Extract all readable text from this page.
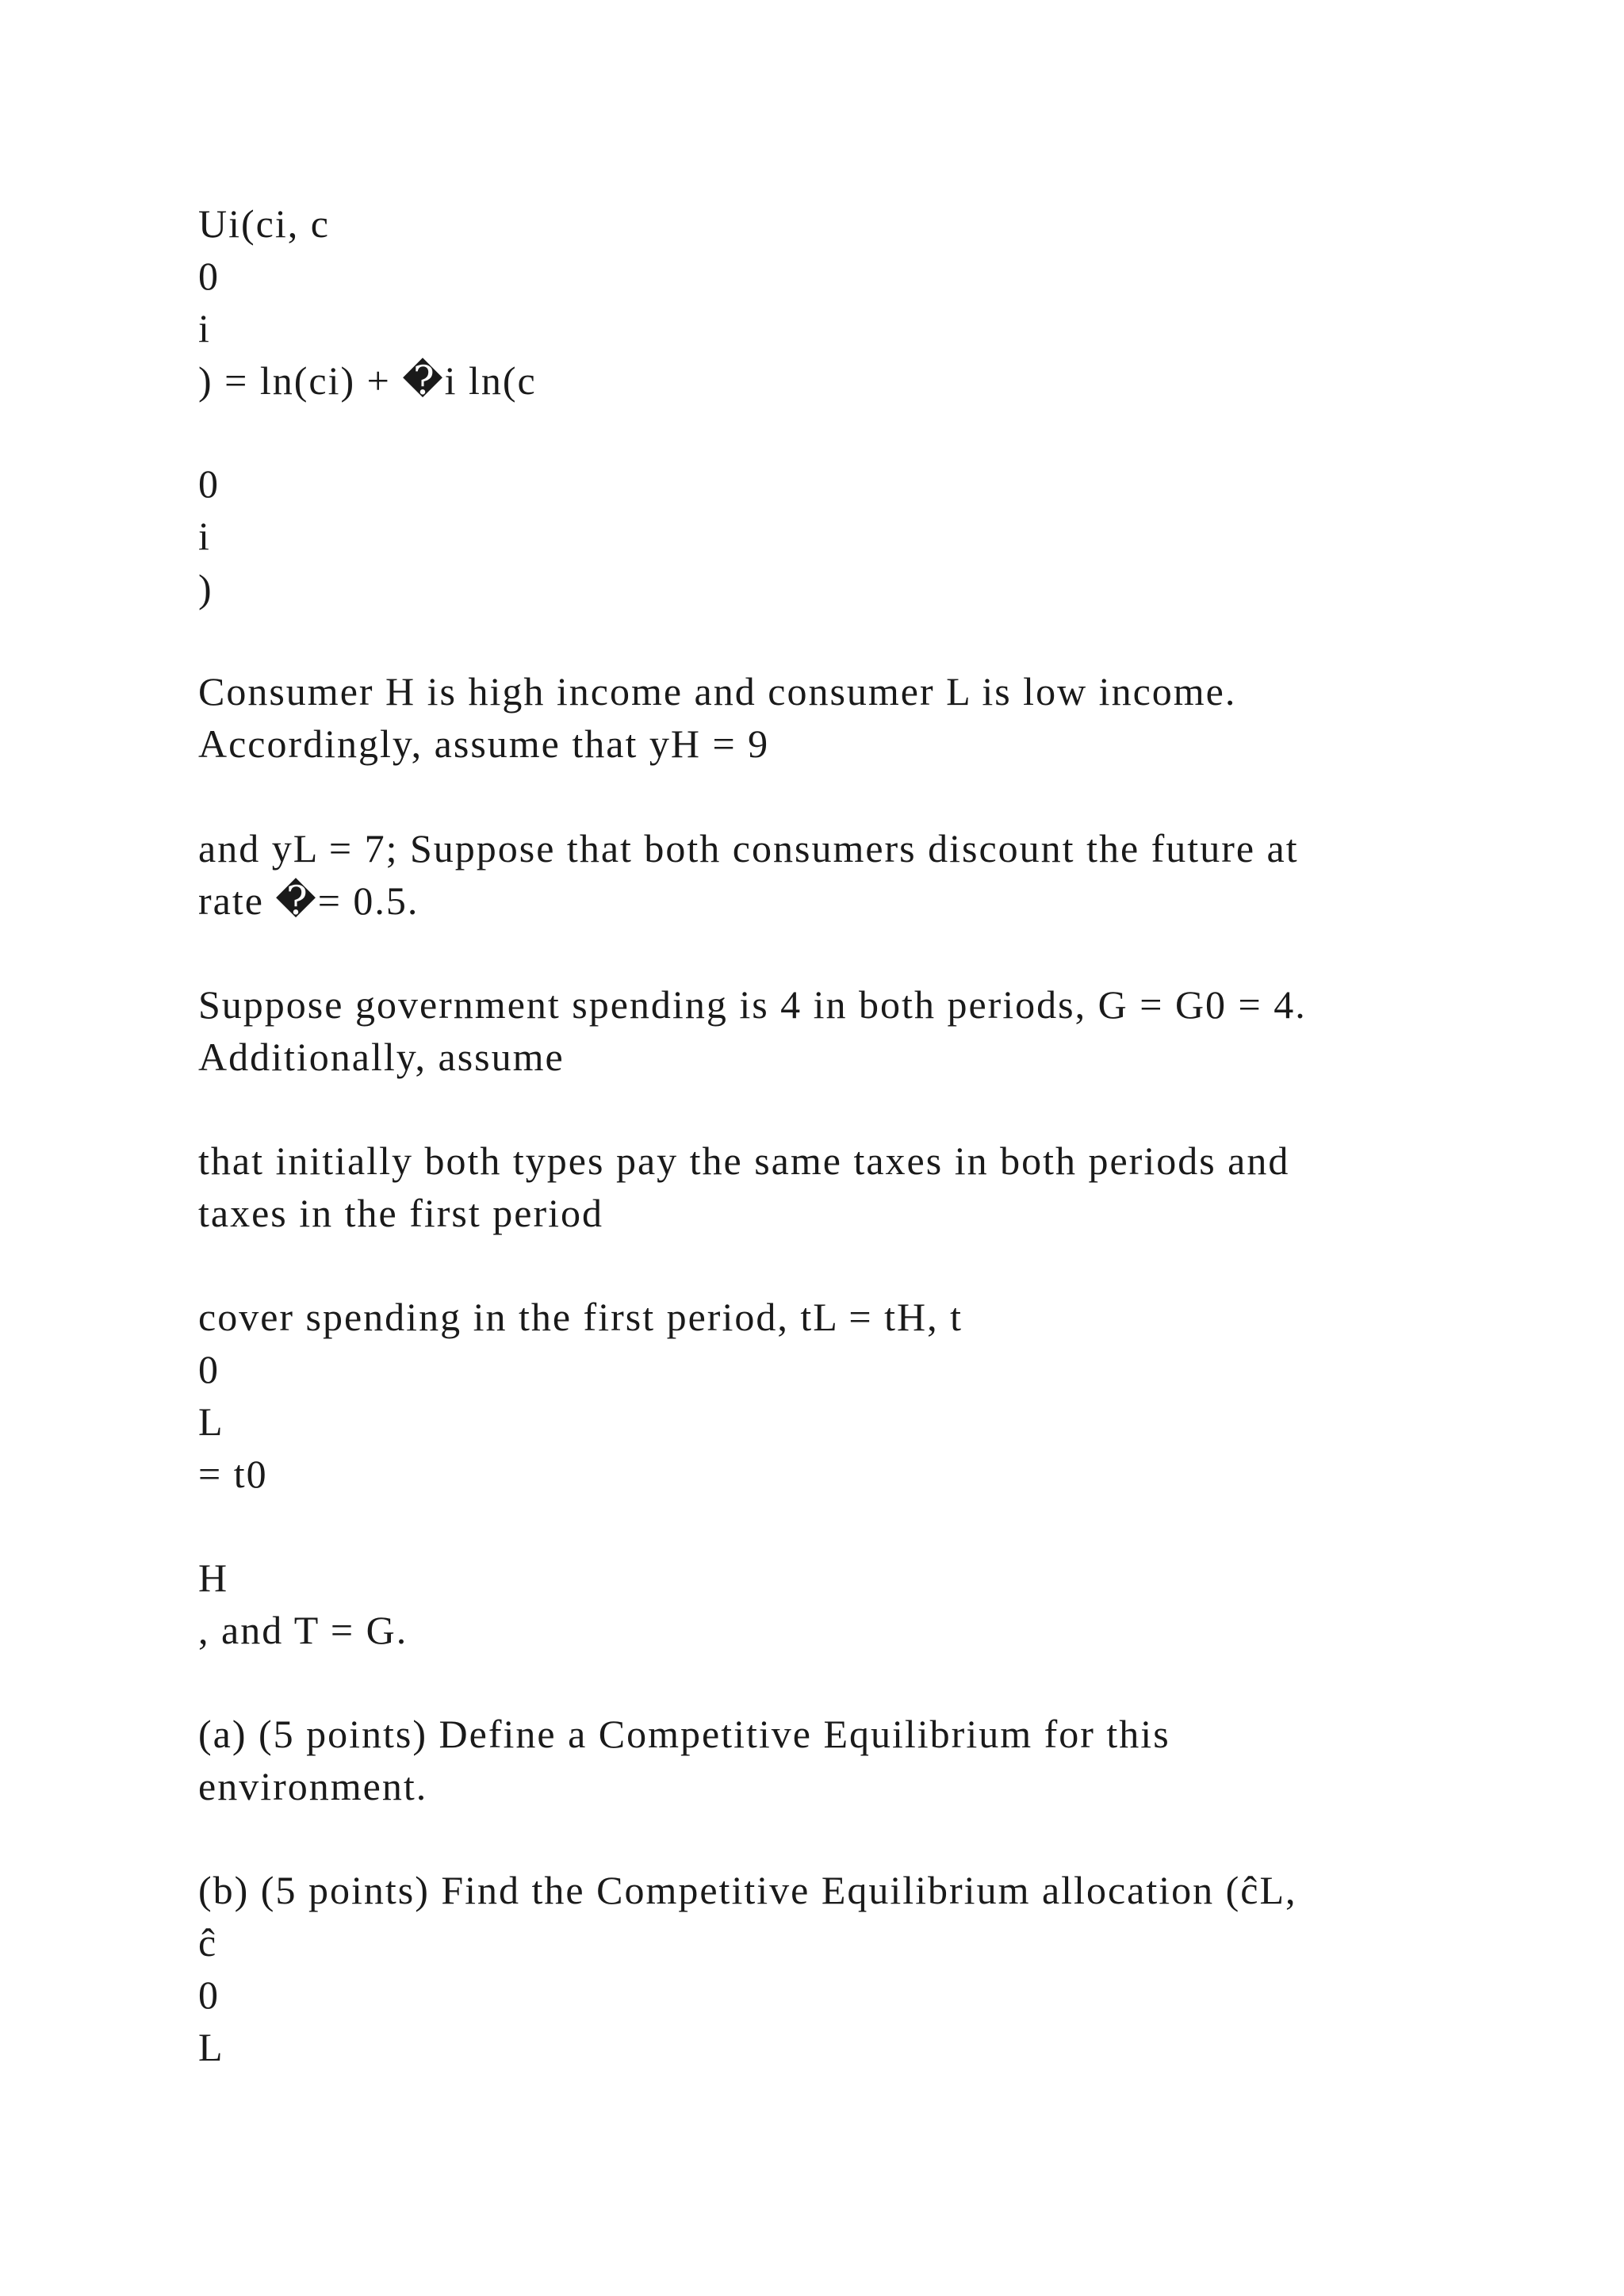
Ui(ci, c

0

i

) = ln(ci) + �i ln(c

0

i

)

Consumer H is high income and consumer L is low income.

Accordingly, assume that yH = 9

and yL = 7; Suppose that both consumers discount the future at

rate �= 0.5.

Suppose government spending is 4 in both periods, G = G0 = 4.

Additionally, assume

that initially both types pay the same taxes in both periods and

taxes in the first period

cover spending in the first period, tL = tH, t

0

L

= t0

H

, and T = G.

(a) (5 points) Define a Competitive Equilibrium for this

environment.

(b) (5 points) Find the Competitive Equilibrium allocation (ĉL,

ĉ

0

L
